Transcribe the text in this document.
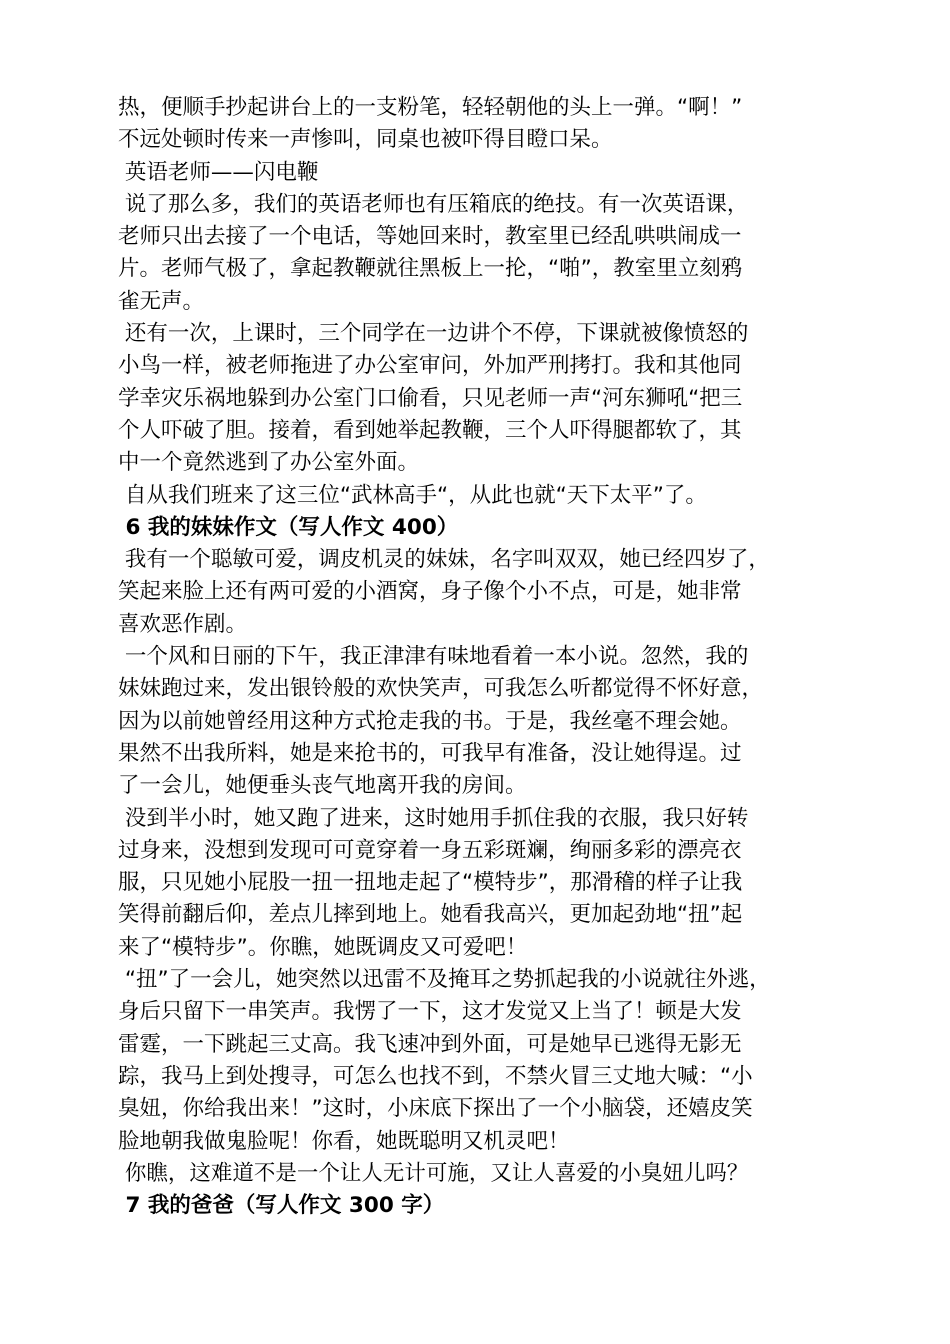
热，便顺手抄起讲台上的一支粉笔，轻轻朝他的头上一弹。“啊！”
不远处顿时传来一声惨叫，同桌也被吓得目瞪口呆。
英语老师——闪电鞭
说了那么多，我们的英语老师也有压箱底的绝技。有一次英语课，
老师只出去接了一个电话，等她回来时，教室里已经乱哄哄闹成一
片。老师气极了，拿起教鞭就往黑板上一抡，“啪”，教室里立刻鸦
雀无声。
还有一次，上课时，三个同学在一边讲个不停，下课就被像愤怒的
小鸟一样，被老师拖进了办公室审问，外加严刑拷打。我和其他同
学幸灾乐祸地躲到办公室门口偷看，只见老师一声“河东狮吼“把三
个人吓破了胆。接着，看到她举起教鞭，三个人吓得腿都软了，其
中一个竟然逃到了办公室外面。
自从我们班来了这三位“武林高手“，从此也就“天下太平”了。
6 我的妹妹作文（写人作文 400）
我有一个聪敏可爱，调皮机灵的妹妹，名字叫双双，她已经四岁了，
笑起来脸上还有两可爱的小酒窝，身子像个小不点，可是，她非常
喜欢恶作剧。
一个风和日丽的下午，我正津津有味地看着一本小说。忽然，我的
妹妹跑过来，发出银铃般的欢快笑声，可我怎么听都觉得不怀好意，
因为以前她曾经用这种方式抢走我的书。于是，我丝毫不理会她。
果然不出我所料，她是来抢书的，可我早有准备，没让她得逞。过
了一会儿，她便垂头丧气地离开我的房间。
没到半小时，她又跑了进来，这时她用手抓住我的衣服，我只好转
过身来，没想到发现可可竟穿着一身五彩斑斓，绚丽多彩的漂亮衣
服，只见她小屁股一扭一扭地走起了“模特步”，那滑稽的样子让我
笑得前翻后仰，差点儿摔到地上。她看我高兴，更加起劲地“扭”起
来了“模特步”。你瞧，她既调皮又可爱吧！
“扭”了一会儿，她突然以迅雷不及掩耳之势抓起我的小说就往外逃，
身后只留下一串笑声。我愣了一下，这才发觉又上当了！顿是大发
雷霆，一下跳起三丈高。我飞速冲到外面，可是她早已逃得无影无
踪，我马上到处搜寻，可怎么也找不到，不禁火冒三丈地大喊：“小
臭妞，你给我出来！”这时，小床底下探出了一个小脑袋，还嬉皮笑
脸地朝我做鬼脸呢！你看，她既聪明又机灵吧！
你瞧，这难道不是一个让人无计可施，又让人喜爱的小臭妞儿吗？
7 我的爸爸（写人作文 300 字）
